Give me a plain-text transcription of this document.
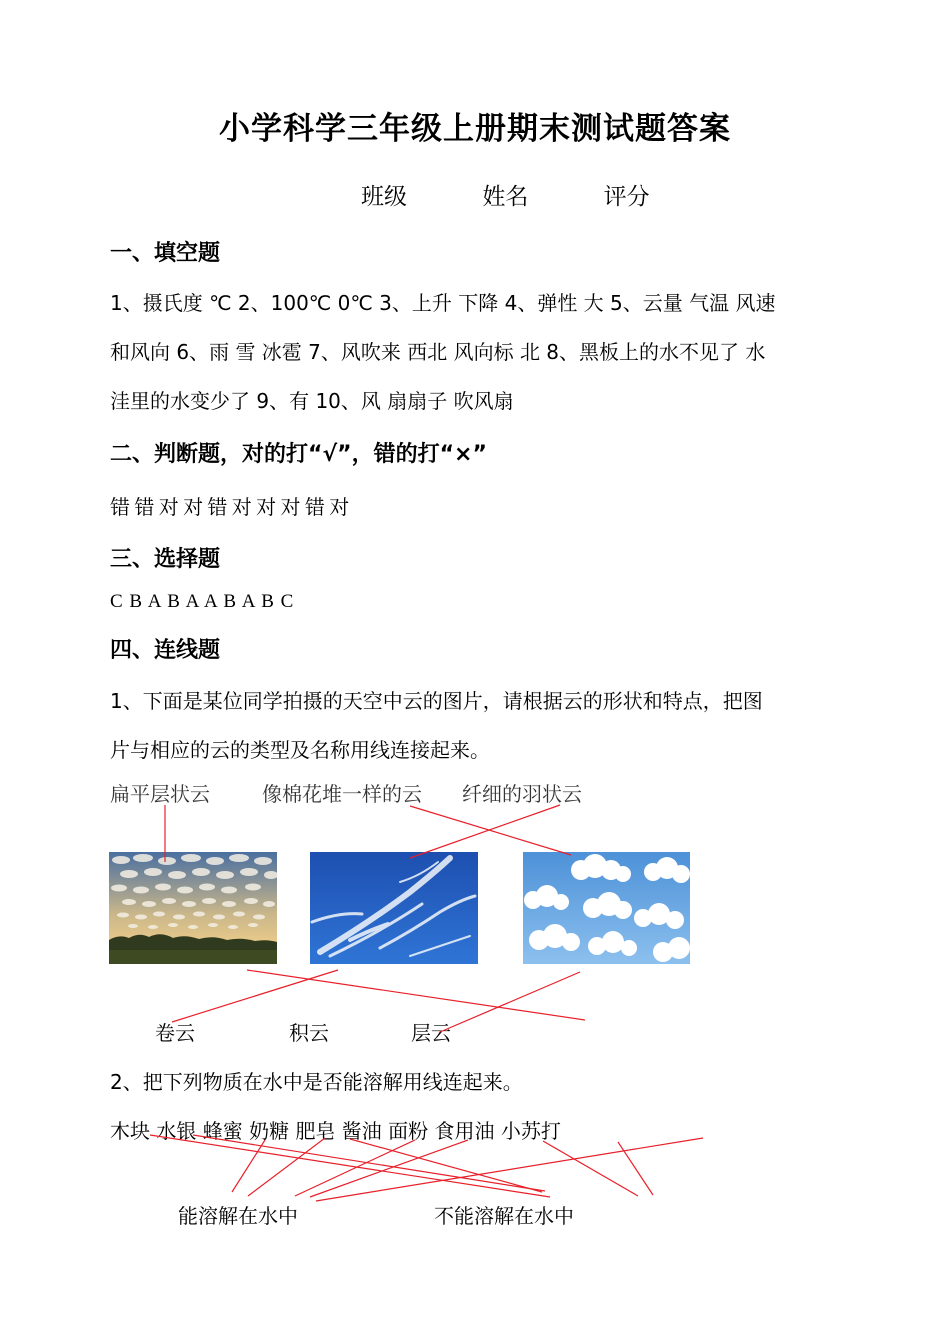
小学科学三年级上册期末测试题答案
班级	姓名	评分
一、填空题
1、摄氏度 ℃ 2、100℃ 0℃ 3、上升 下降 4、弹性 大 5、云量 气温 风速
和风向 6、雨 雪 冰雹 7、风吹来 西北 风向标 北 8、黑板上的水不见了 水
洼里的水变少了 9、有 10、风 扇扇子 吹风扇
二、判断题，对的打“√”，错的打“×”
错 错 对 对 错 对 对 对 错 对
三、选择题
C B A B A A B A B C
四、连线题
1、下面是某位同学拍摄的天空中云的图片，请根据云的形状和特点，把图
片与相应的云的类型及名称用线连接起来。
扁平层状云	像棉花堆一样的云 纤细的羽状云
卷云	积云	层云
2、把下列物质在水中是否能溶解用线连起来。
木块 水银 蜂蜜 奶糖 肥皂 酱油 面粉 食用油 小苏打
能溶解在水中	不能溶解在水中
